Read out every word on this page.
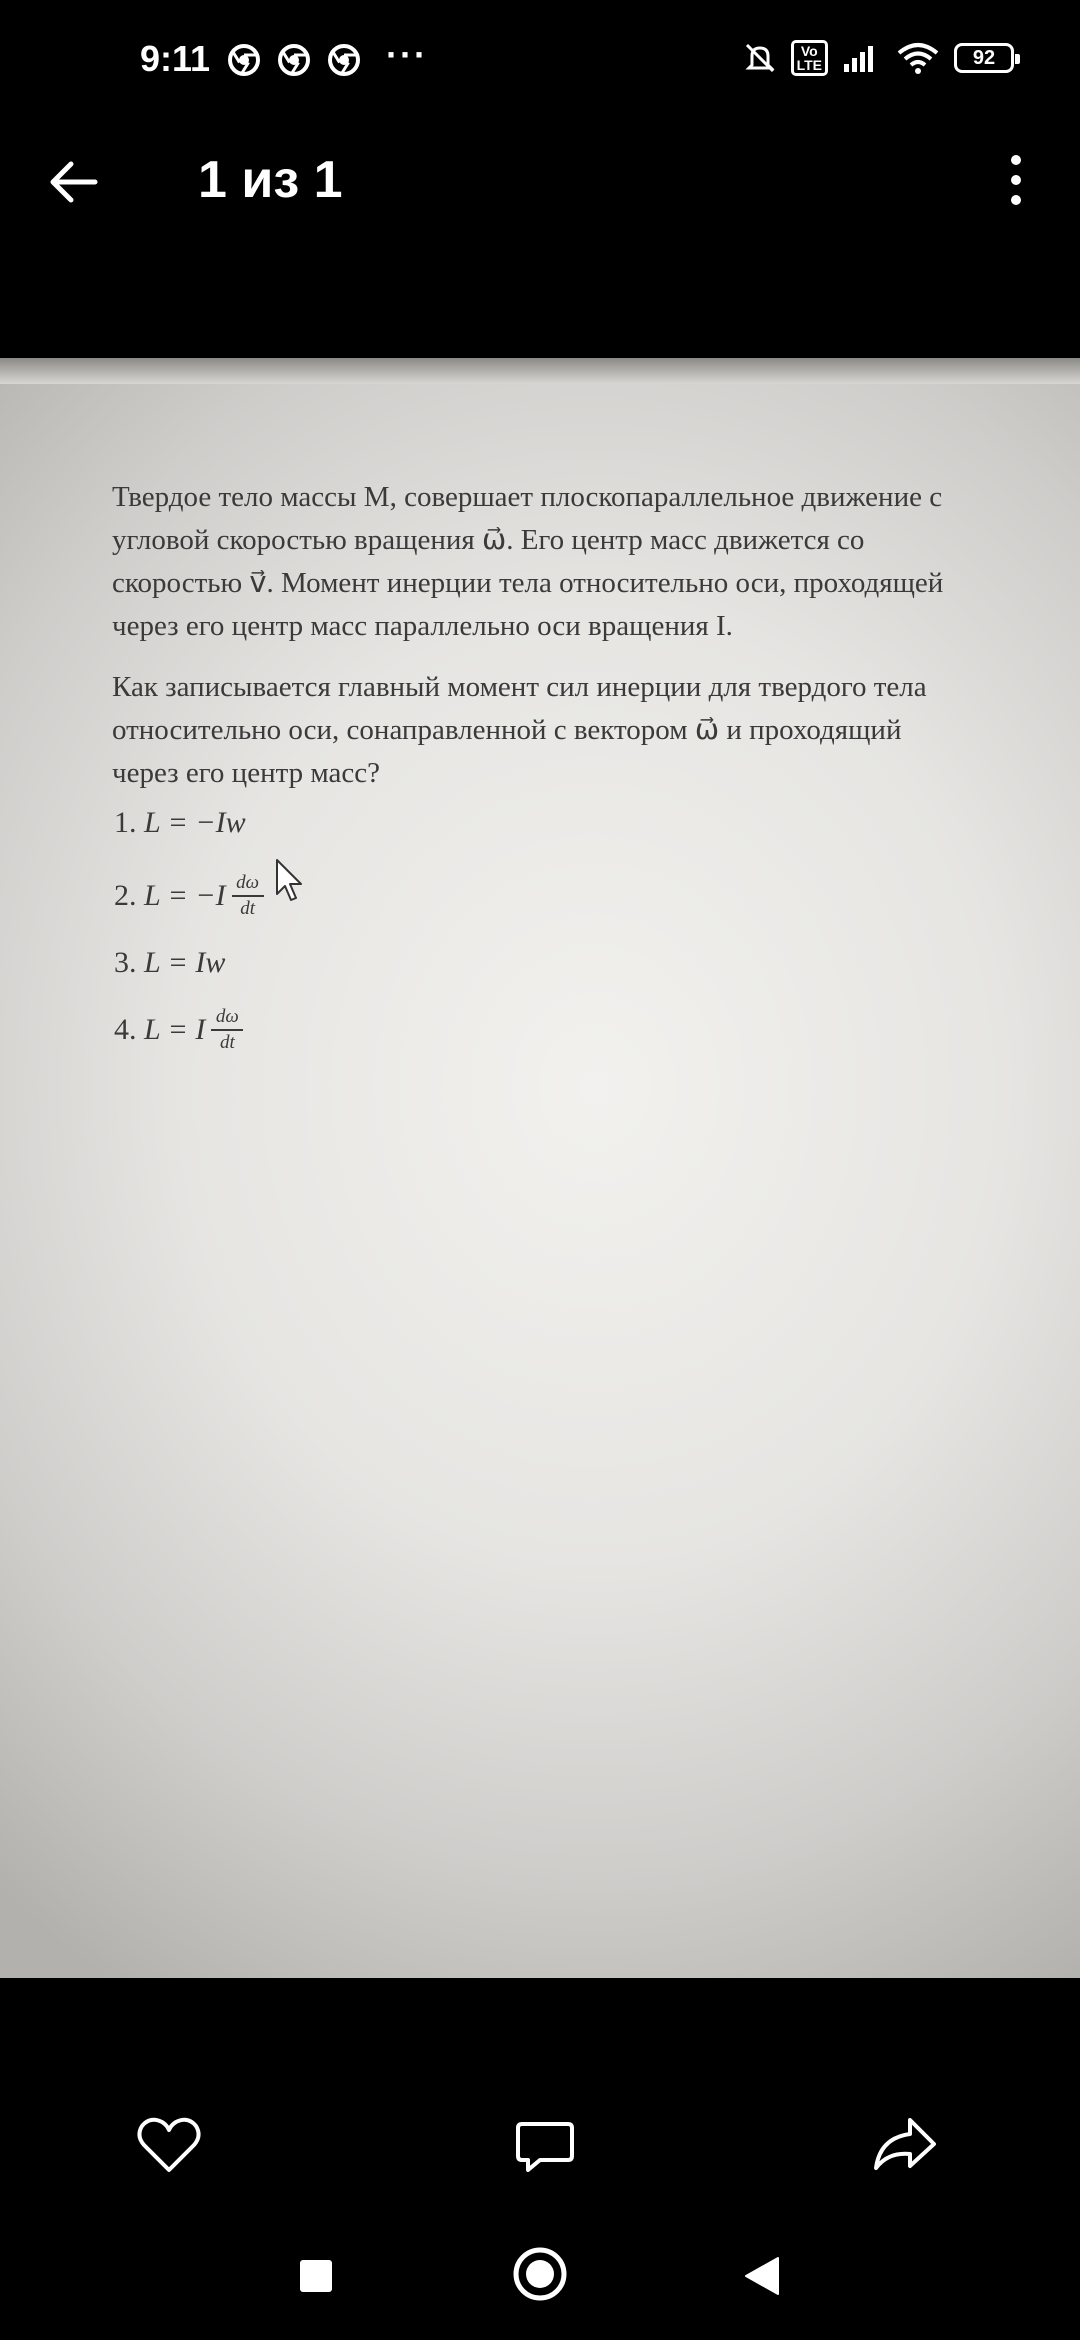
9:11	···	Vo
LTE	92
1 из 1

Твердое тело массы M, совершает плоскопараллельное движение с
угловой скоростью вращения ω⃗. Его центр масс движется со
скоростью v⃗. Момент инерции тела относительно оси, проходящей
через его центр масс параллельно оси вращения I.

Как записывается главный момент сил инерции для твердого тела
относительно оси, сонаправленной с вектором ω⃗ и проходящий
через его центр масс?

1.
L = −Iw
2.
$L = -I \frac{d\omega}{dt}$
3.
L = Iw
4.
L = I $\frac{d\omega}{dt}$
